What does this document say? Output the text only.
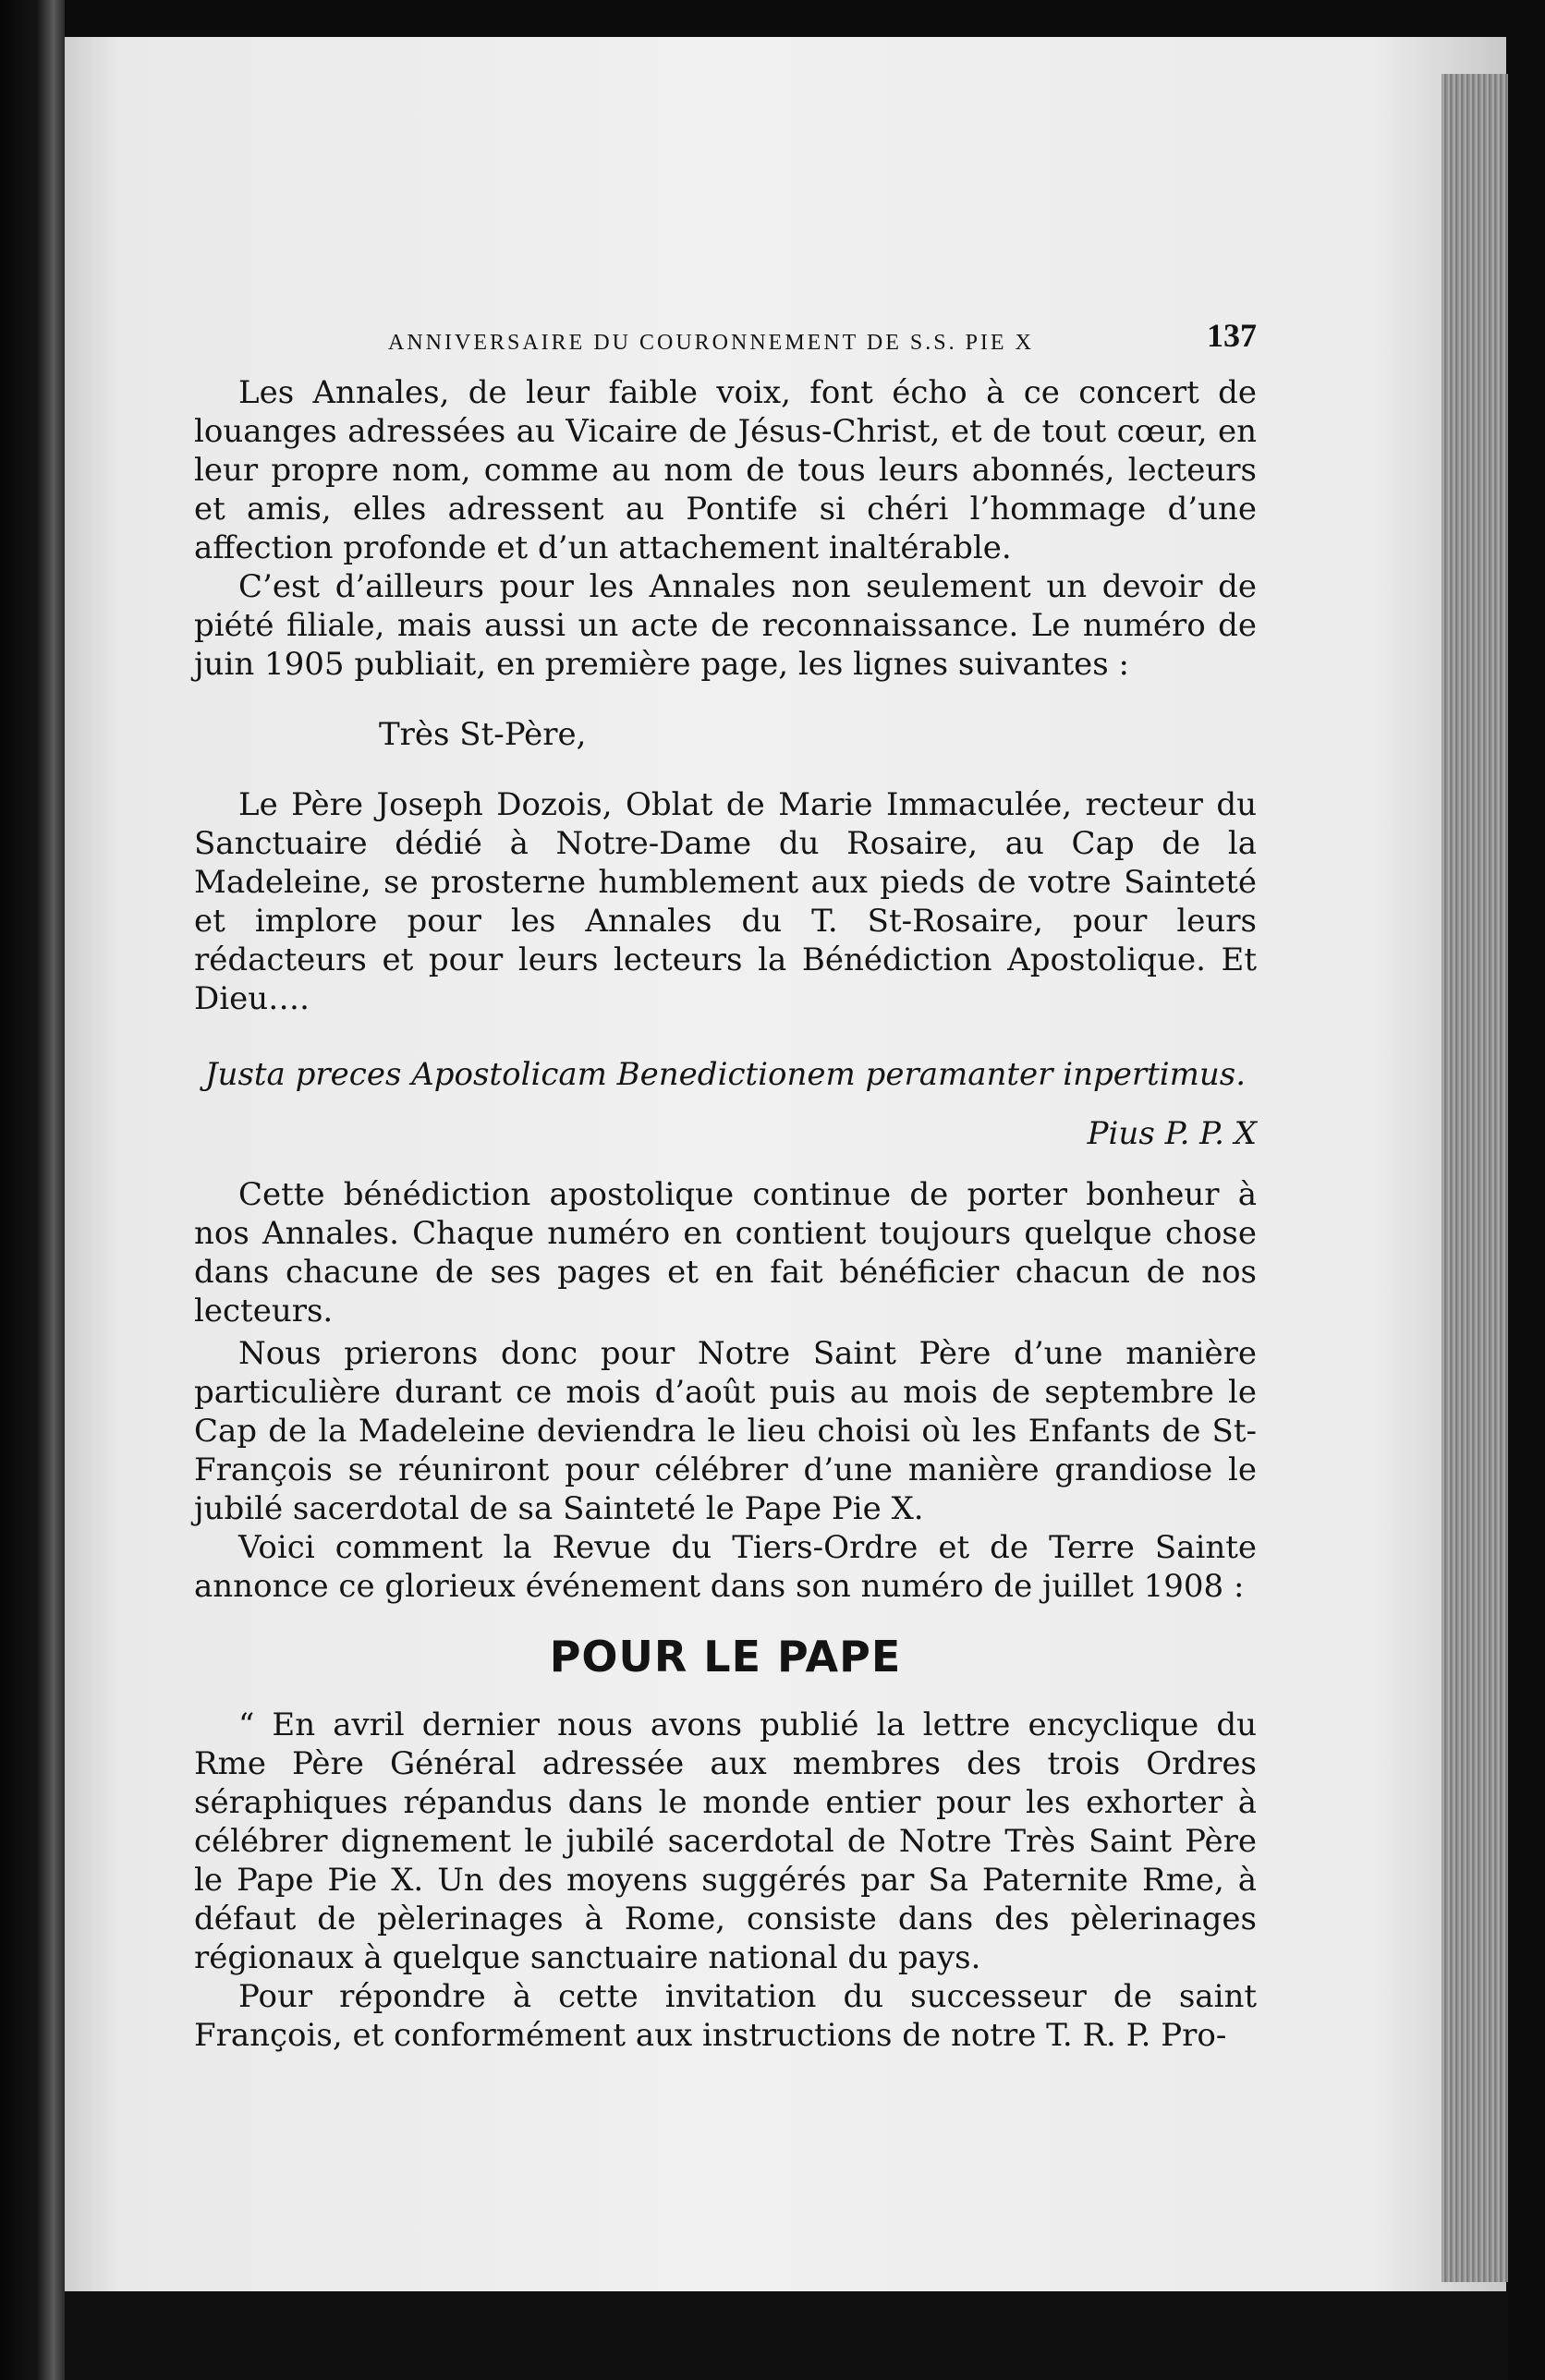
ANNIVERSAIRE DU COURONNEMENT DE S.S. PIE X	137

Les Annales, de leur faible voix, font écho à ce concert de louanges adressées au Vicaire de Jésus-Christ, et de tout cœur, en leur propre nom, comme au nom de tous leurs abonnés, lecteurs et amis, elles adressent au Pontife si chéri l’hommage d’une affection profonde et d’un attachement inaltérable.

C’est d’ailleurs pour les Annales non seulement un devoir de piété filiale, mais aussi un acte de reconnaissance. Le numéro de juin 1905 publiait, en première page, les lignes suivantes :

Très St-Père,

Le Père Joseph Dozois, Oblat de Marie Immaculée, recteur du Sanctuaire dédié à Notre-Dame du Rosaire, au Cap de la Madeleine, se prosterne humblement aux pieds de votre Sainteté et implore pour les Annales du T. St-Rosaire, pour leurs rédacteurs et pour leurs lecteurs la Bénédiction Apostolique. Et Dieu….

Justa preces Apostolicam Benedictionem peramanter inpertimus.

Pius P. P. X

Cette bénédiction apostolique continue de porter bonheur à nos Annales. Chaque numéro en contient toujours quelque chose dans chacune de ses pages et en fait bénéficier chacun de nos lecteurs.

Nous prierons donc pour Notre Saint Père d’une manière particulière durant ce mois d’août puis au mois de septembre le Cap de la Madeleine deviendra le lieu choisi où les Enfants de St-François se réuniront pour célébrer d’une manière grandiose le jubilé sacerdotal de sa Sainteté le Pape Pie X.

Voici comment la Revue du Tiers-Ordre et de Terre Sainte annonce ce glorieux événement dans son numéro de juillet 1908 :

POUR LE PAPE

“ En avril dernier nous avons publié la lettre encyclique du Rme Père Général adressée aux membres des trois Ordres séraphiques répandus dans le monde entier pour les exhorter à célébrer dignement le jubilé sacerdotal de Notre Très Saint Père le Pape Pie X. Un des moyens suggérés par Sa Paternite Rme, à défaut de pèlerinages à Rome, consiste dans des pèlerinages régionaux à quelque sanctuaire national du pays.

Pour répondre à cette invitation du successeur de saint François, et conformément aux instructions de notre T. R. P. Pro-
